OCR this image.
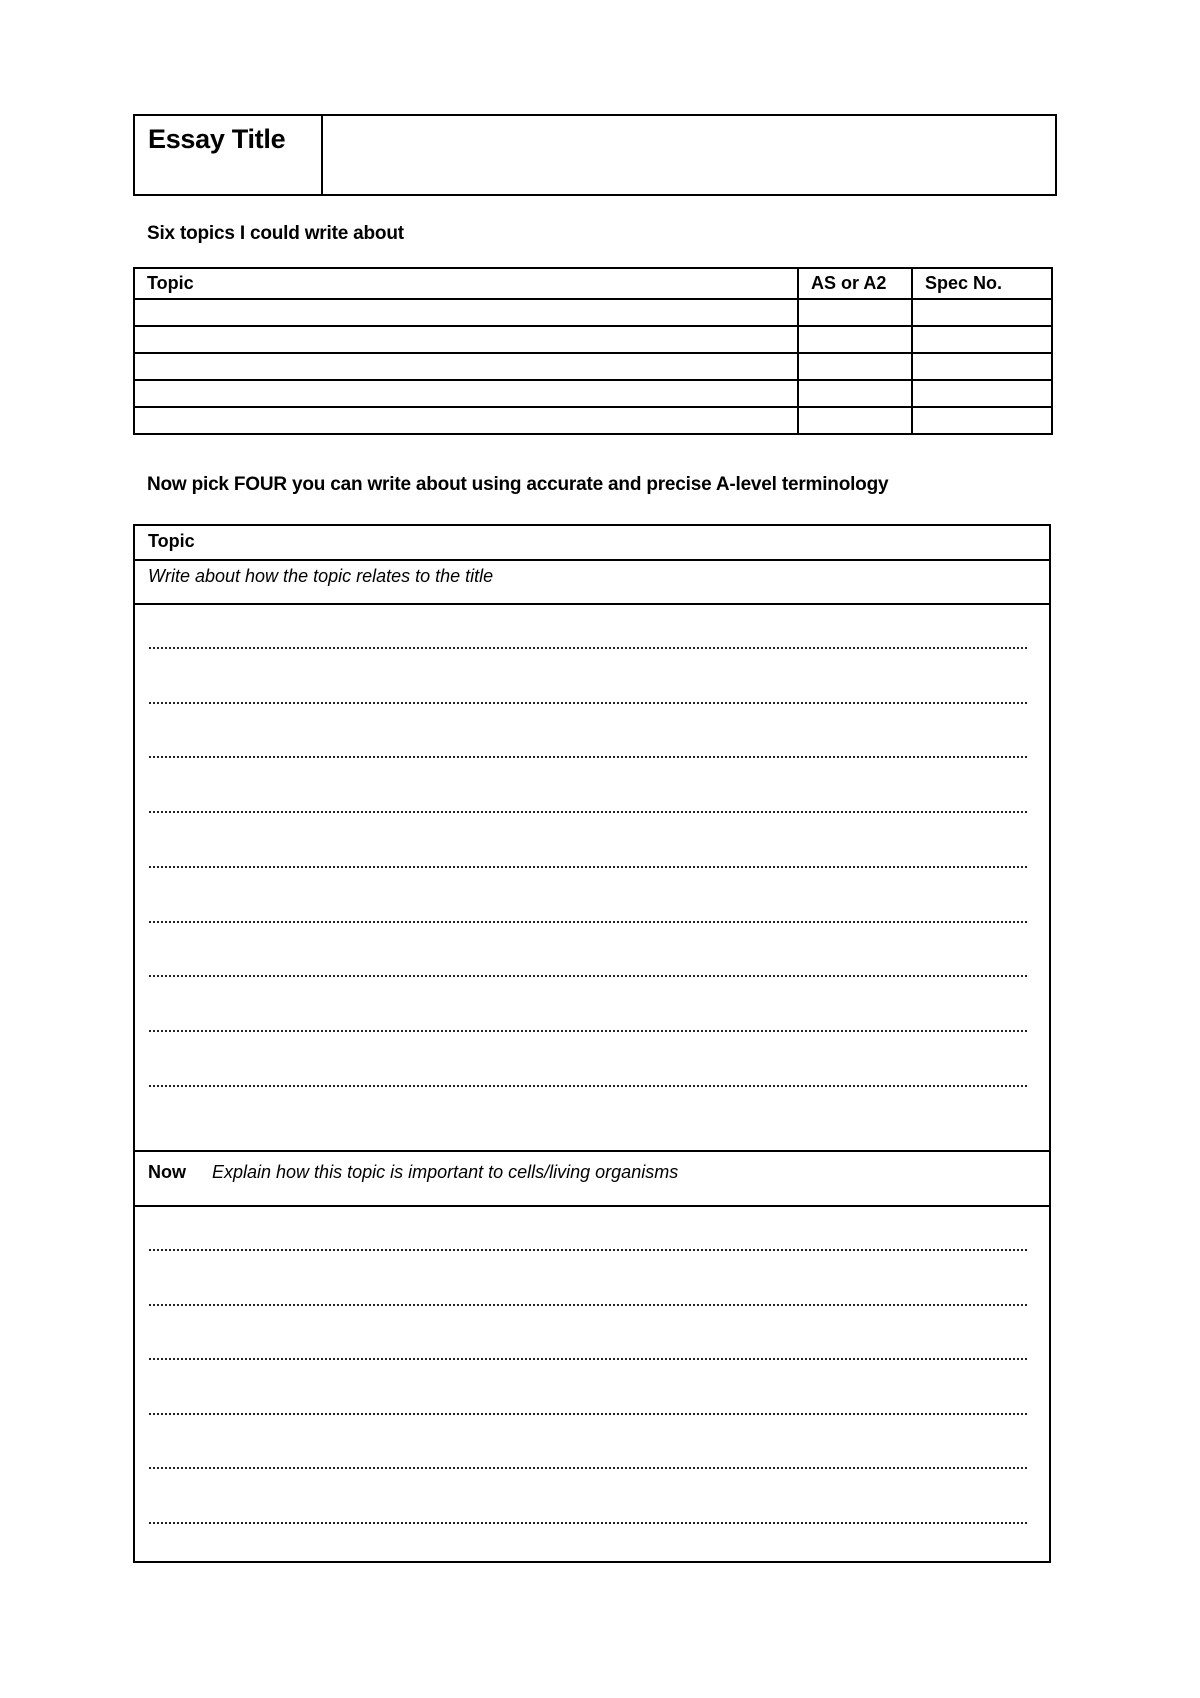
Essay Title
Six topics I could write about
Topic	AS or A2	Spec No.

Now pick FOUR you can write about using accurate and precise A-level terminology
Topic
Write about how the topic relates to the title
Now Explain how this topic is important to cells/living organisms
